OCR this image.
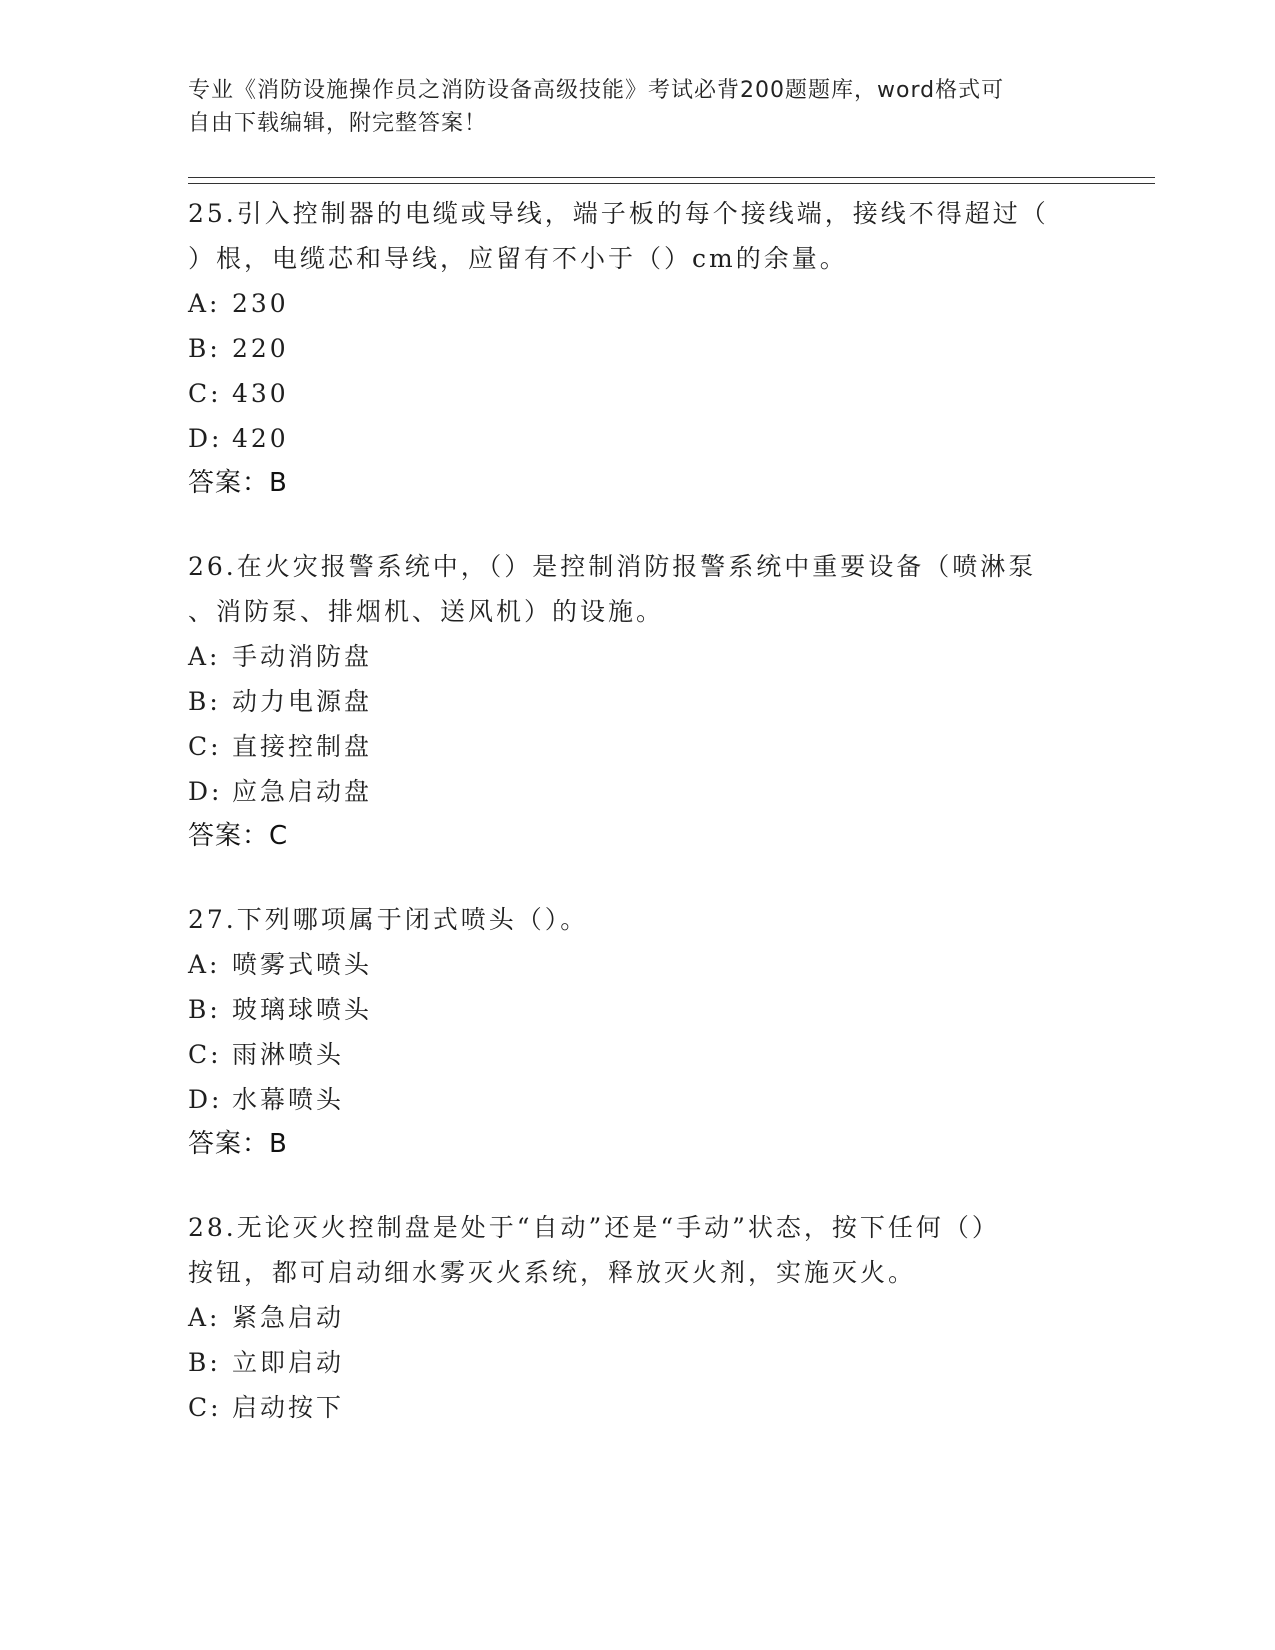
专业《消防设施操作员之消防设备高级技能》考试必背200题题库，word格式可
自由下载编辑，附完整答案！
25.引入控制器的电缆或导线，端子板的每个接线端，接线不得超过（
）根，电缆芯和导线，应留有不小于（）cm的余量。
A: 230
B: 220
C: 430
D: 420
答案：B
26.在火灾报警系统中，（）是控制消防报警系统中重要设备（喷淋泵
、消防泵、排烟机、送风机）的设施。
A: 手动消防盘
B: 动力电源盘
C: 直接控制盘
D: 应急启动盘
答案：C
27.下列哪项属于闭式喷头（）。
A: 喷雾式喷头
B: 玻璃球喷头
C: 雨淋喷头
D: 水幕喷头
答案：B
28.无论灭火控制盘是处于“自动”还是“手动”状态，按下任何（）
按钮，都可启动细水雾灭火系统，释放灭火剂，实施灭火。
A: 紧急启动
B: 立即启动
C: 启动按下
